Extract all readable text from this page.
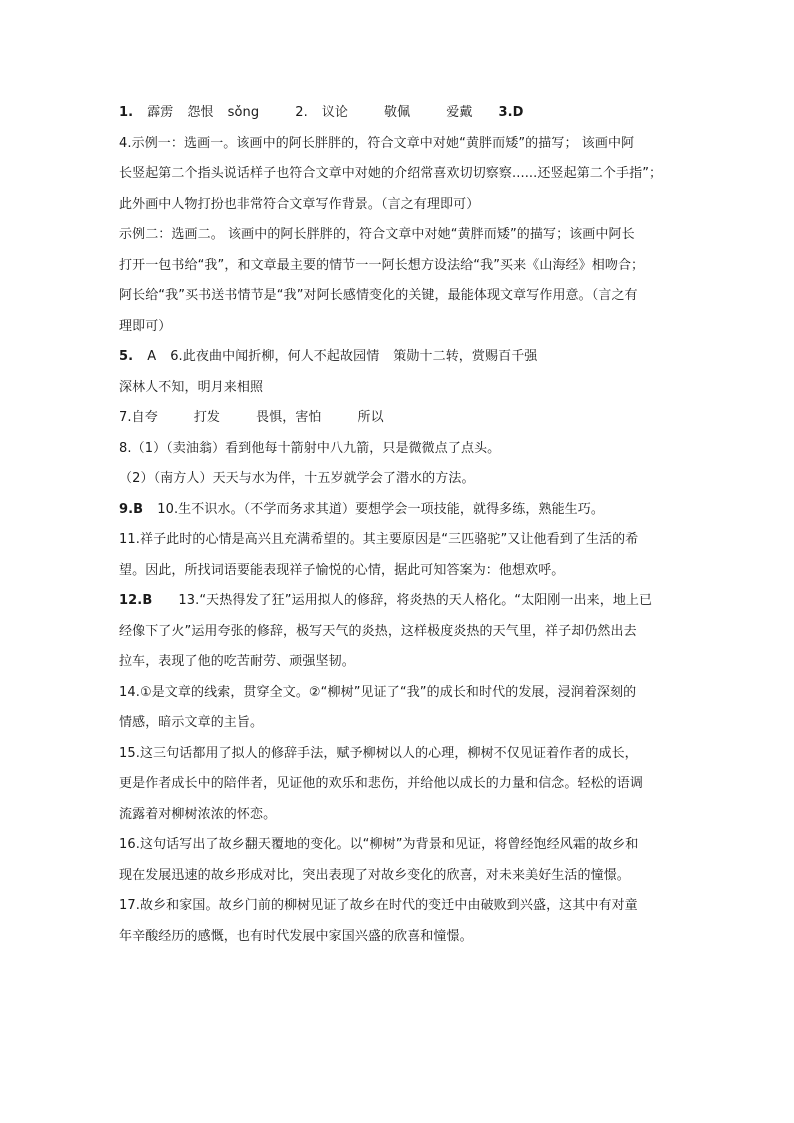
1. 霹雳 怨恨 sǒng	2. 议论	敬佩	爱戴 3.D
4.示例一：选画一。该画中的阿长胖胖的，符合文章中对她“黄胖而矮”的描写； 该画中阿
长竖起第二个指头说话样子也符合文章中对她的介绍常喜欢切切察察......还竖起第二个手指”；
此外画中人物打扮也非常符合文章写作背景。（言之有理即可）
示例二：选画二。 该画中的阿长胖胖的，符合文章中对她“黄胖而矮”的描写；该画中阿长
打开一包书给“我”，和文章最主要的情节一一阿长想方设法给“我”买来《山海经》相吻合；
阿长给“我”买书送书情节是“我”对阿长感情变化的关键，最能体现文章写作用意。（言之有
理即可）
5. A 6.此夜曲中闻折柳，何人不起故园情 策勋十二转，赏赐百千强
深林人不知，明月来相照
7.自夸	打发	畏惧，害怕	所以
8.（1）（卖油翁）看到他每十箭射中八九箭，只是微微点了点头。
（2）（南方人）天天与水为伴，十五岁就学会了潜水的方法。
9.B 10.生不识水。（不学而务求其道）要想学会一项技能，就得多练，熟能生巧。
11.祥子此时的心情是高兴且充满希望的。其主要原因是“三匹骆驼”又让他看到了生活的希
望。因此，所找词语要能表现祥子愉悦的心情，据此可知答案为：他想欢呼。
12.B 13.“天热得发了狂”运用拟人的修辞，将炎热的天人格化。“太阳刚一出来，地上已
经像下了火”运用夸张的修辞，极写天气的炎热，这样极度炎热的天气里，祥子却仍然出去
拉车，表现了他的吃苦耐劳、顽强坚韧。
14.①是文章的线索，贯穿全文。②“柳树”见证了“我”的成长和时代的发展，浸润着深刻的
情感，暗示文章的主旨。
15.这三句话都用了拟人的修辞手法，赋予柳树以人的心理，柳树不仅见证着作者的成长，
更是作者成长中的陪伴者，见证他的欢乐和悲伤，并给他以成长的力量和信念。轻松的语调
流露着对柳树浓浓的怀恋。
16.这句话写出了故乡翻天覆地的变化。以“柳树”为背景和见证，将曾经饱经风霜的故乡和
现在发展迅速的故乡形成对比，突出表现了对故乡变化的欣喜，对未来美好生活的憧憬。
17.故乡和家国。故乡门前的柳树见证了故乡在时代的变迁中由破败到兴盛，这其中有对童
年辛酸经历的感慨，也有时代发展中家国兴盛的欣喜和憧憬。
